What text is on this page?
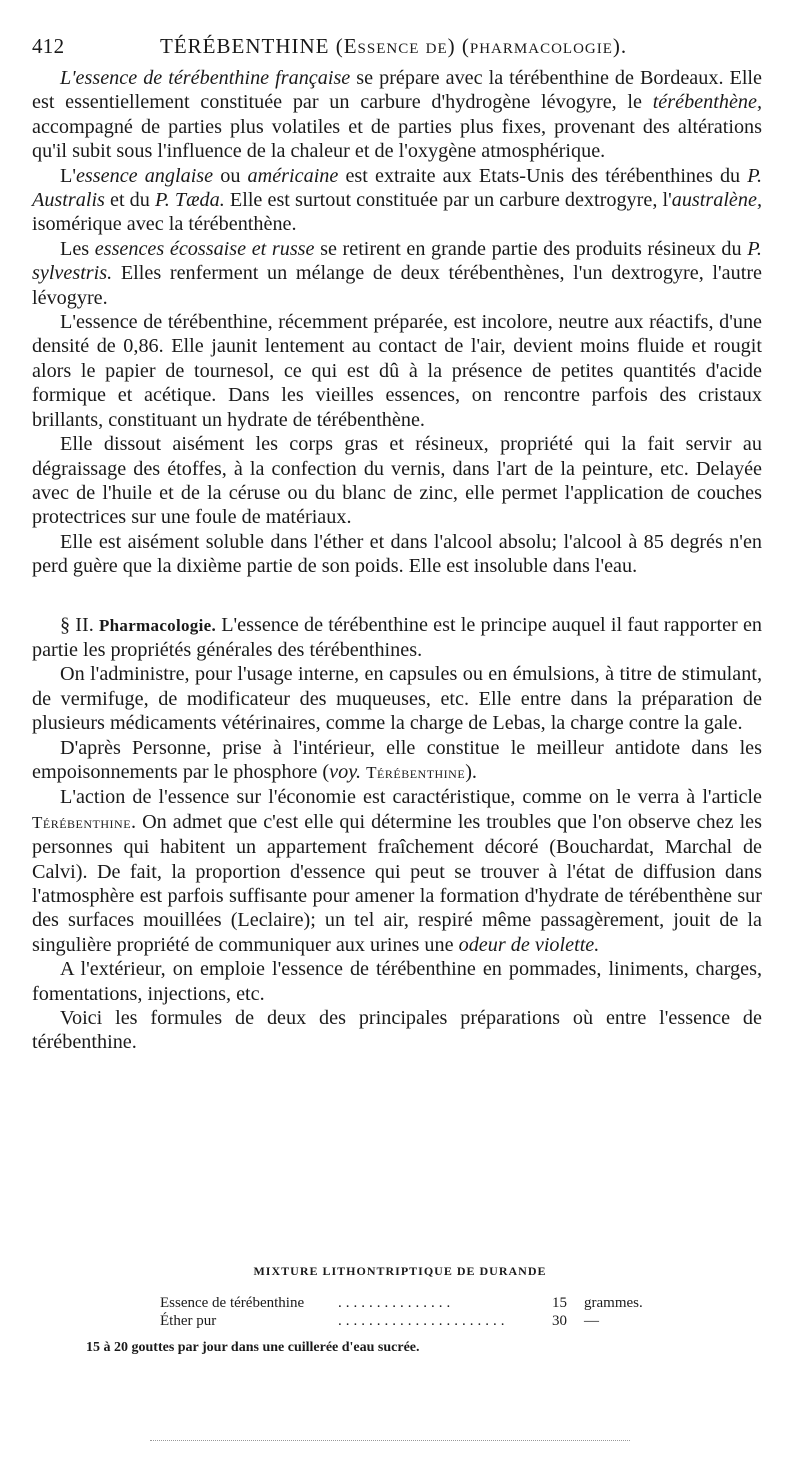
412	TÉRÉBENTHINE (Essence de) (pharmacologie).

L'essence de térébenthine française se prépare avec la térébenthine de Bordeaux. Elle est essentiellement constituée par un carbure d'hydrogène lévogyre, le térébenthène, accompagné de parties plus volatiles et de parties plus fixes, provenant des altérations qu'il subit sous l'influence de la chaleur et de l'oxygène atmosphérique.

L'essence anglaise ou américaine est extraite aux Etats-Unis des térébenthines du P. Australis et du P. Tæda. Elle est surtout constituée par un carbure dextrogyre, l'australène, isomérique avec la térébenthène.

Les essences écossaise et russe se retirent en grande partie des produits résineux du P. sylvestris. Elles renferment un mélange de deux térébenthènes, l'un dextrogyre, l'autre lévogyre.

L'essence de térébenthine, récemment préparée, est incolore, neutre aux réactifs, d'une densité de 0,86. Elle jaunit lentement au contact de l'air, devient moins fluide et rougit alors le papier de tournesol, ce qui est dû à la présence de petites quantités d'acide formique et acétique. Dans les vieilles essences, on rencontre parfois des cristaux brillants, constituant un hydrate de térébenthène.

Elle dissout aisément les corps gras et résineux, propriété qui la fait servir au dégraissage des étoffes, à la confection du vernis, dans l'art de la peinture, etc. Delayée avec de l'huile et de la céruse ou du blanc de zinc, elle permet l'application de couches protectrices sur une foule de matériaux.

Elle est aisément soluble dans l'éther et dans l'alcool absolu; l'alcool à 85 degrés n'en perd guère que la dixième partie de son poids. Elle est insoluble dans l'eau.

§ II. Pharmacologie. L'essence de térébenthine est le principe auquel il faut rapporter en partie les propriétés générales des térébenthines.

On l'administre, pour l'usage interne, en capsules ou en émulsions, à titre de stimulant, de vermifuge, de modificateur des muqueuses, etc. Elle entre dans la préparation de plusieurs médicaments vétérinaires, comme la charge de Lebas, la charge contre la gale.

D'après Personne, prise à l'intérieur, elle constitue le meilleur antidote dans les empoisonnements par le phosphore (voy. Térébenthine).

L'action de l'essence sur l'économie est caractéristique, comme on le verra à l'article Térébenthine. On admet que c'est elle qui détermine les troubles que l'on observe chez les personnes qui habitent un appartement fraîchement décoré (Bouchardat, Marchal de Calvi). De fait, la proportion d'essence qui peut se trouver à l'état de diffusion dans l'atmosphère est parfois suffisante pour amener la formation d'hydrate de térébenthène sur des surfaces mouillées (Leclaire); un tel air, respiré même passagèrement, jouit de la singulière propriété de communiquer aux urines une odeur de violette.

A l'extérieur, on emploie l'essence de térébenthine en pommades, liniments, charges, fomentations, injections, etc.

Voici les formules de deux des principales préparations où entre l'essence de térébenthine.

MIXTURE LITHONTRIPTIQUE DE DURANDE
Essence de térébenthine ...............	15 grammes.
Éther pur	......................	30 —
15 à 20 gouttes par jour dans une cuillerée d'eau sucrée.
